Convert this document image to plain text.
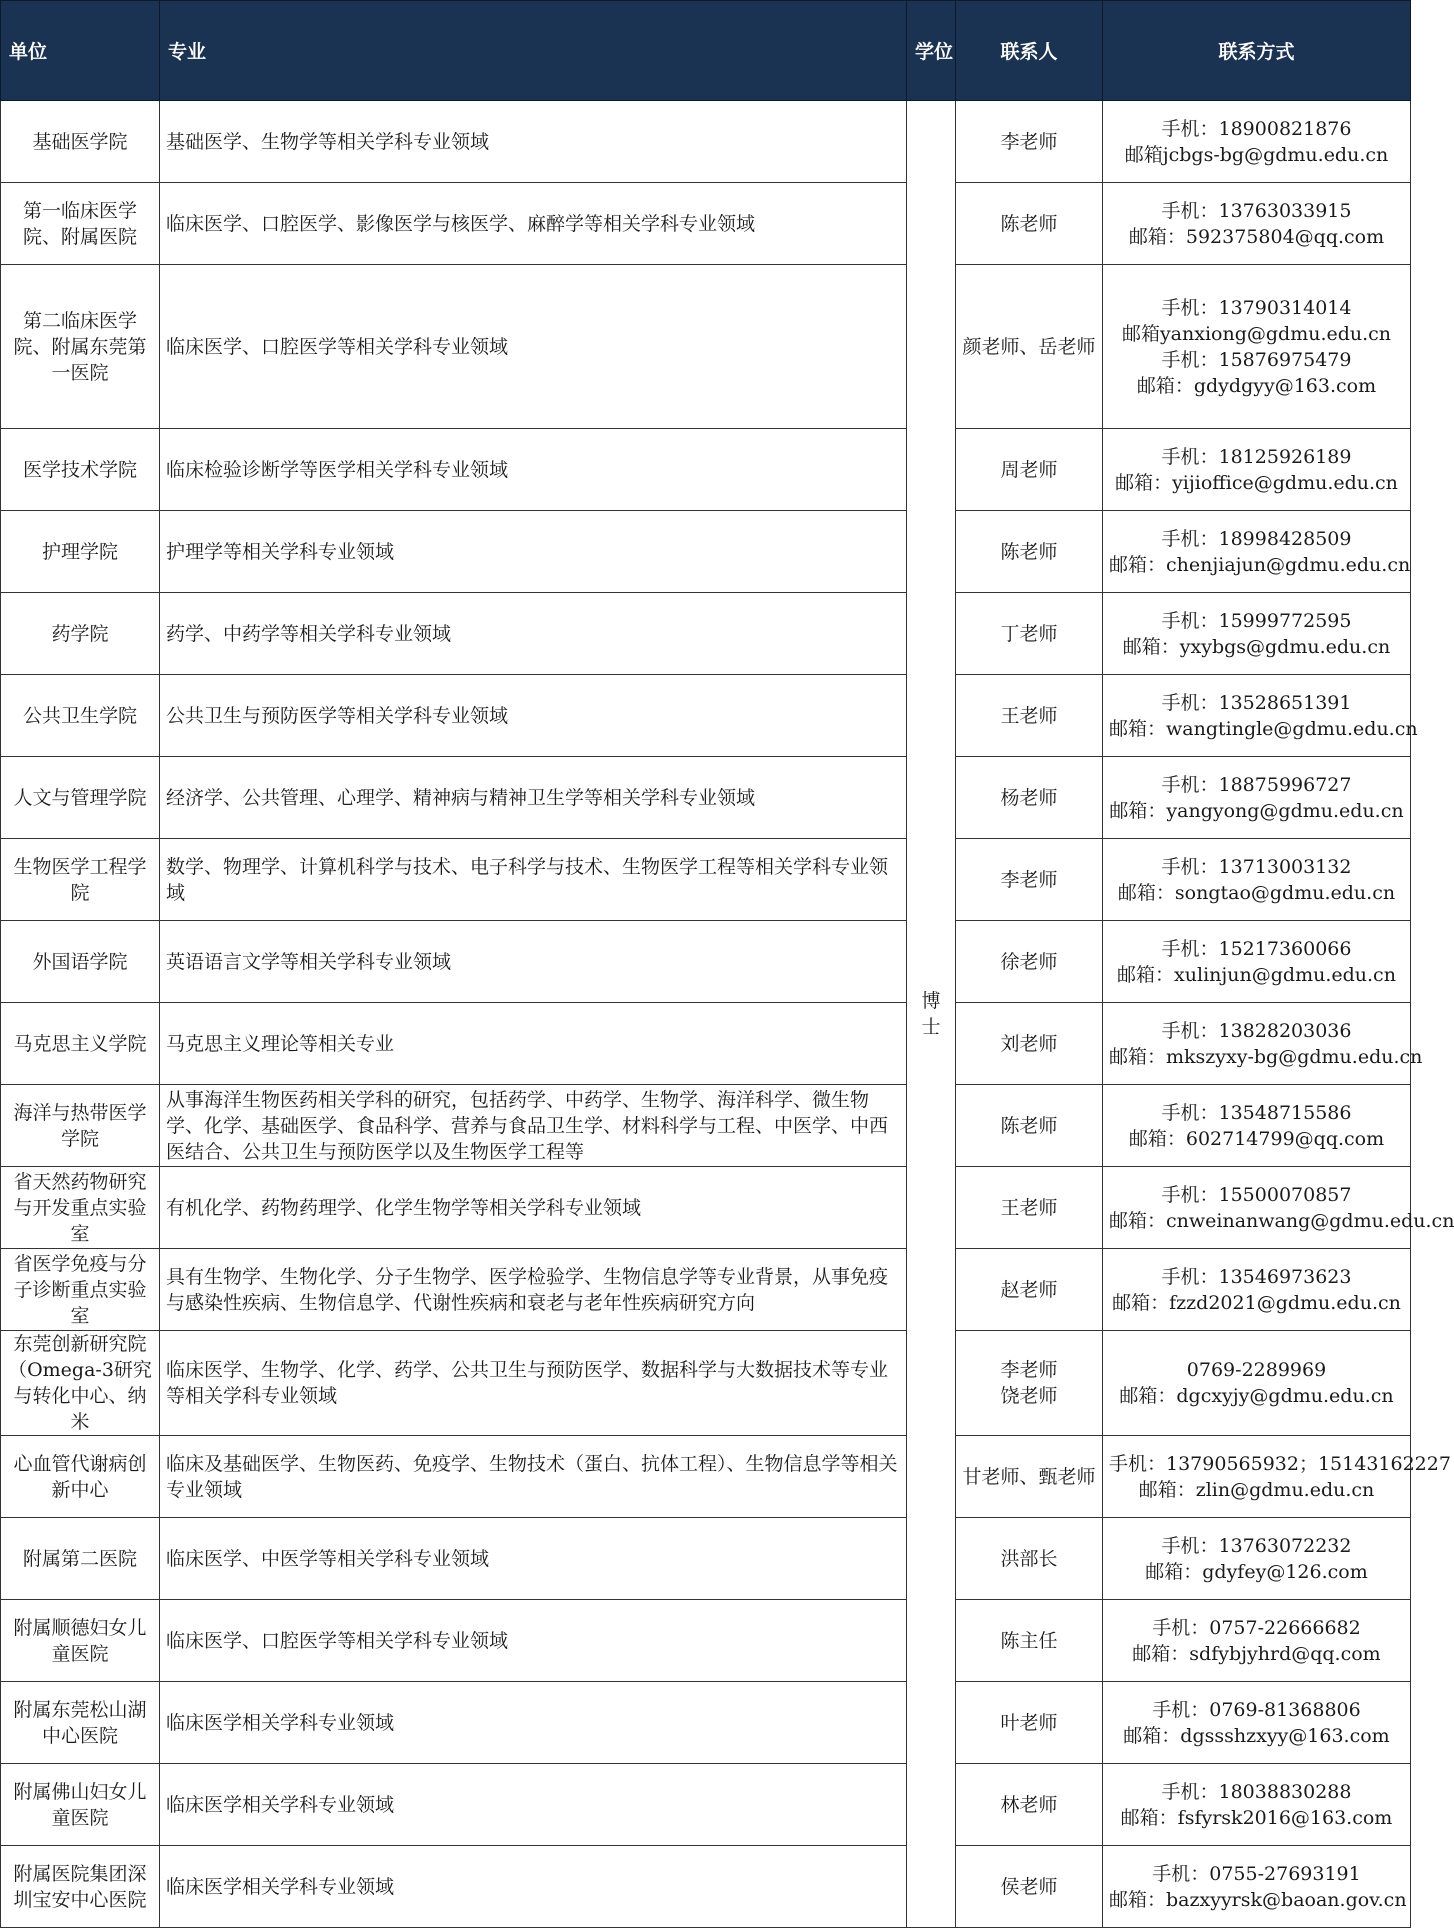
单位	专业	学位	联系人	联系方式
基础医学院	基础医学、生物学等相关学科专业领域	博士	李老师	手机：18900821876
邮箱jcbgs-bg@gdmu.edu.cn

第一临床医学院、附属医院	临床医学、口腔医学、影像医学与核医学、麻醉学等相关学科专业领域		陈老师	手机：13763033915
邮箱：592375804@qq.com

第二临床医学院、附属东莞第一医院	临床医学、口腔医学等相关学科专业领域		颜老师、岳老师	手机：13790314014
邮箱yanxiong@gdmu.edu.cn
手机：15876975479
邮箱：gdydgyy@163.com

医学技术学院	临床检验诊断学等医学相关学科专业领域		周老师	手机：18125926189
邮箱：yijioffice@gdmu.edu.cn

护理学院	护理学等相关学科专业领域		陈老师	手机：18998428509
邮箱：chenjiajun@gdmu.edu.cn

药学院	药学、中药学等相关学科专业领域		丁老师	手机：15999772595
邮箱：yxybgs@gdmu.edu.cn

公共卫生学院	公共卫生与预防医学等相关学科专业领域		王老师	手机：13528651391
邮箱：wangtingle@gdmu.edu.cn

人文与管理学院	经济学、公共管理、心理学、精神病与精神卫生学等相关学科专业领域		杨老师	手机：18875996727
邮箱：yangyong@gdmu.edu.cn

生物医学工程学院	数学、物理学、计算机科学与技术、电子科学与技术、生物医学工程等相关学科专业领域		李老师	手机：13713003132
邮箱：songtao@gdmu.edu.cn

外国语学院	英语语言文学等相关学科专业领域		徐老师	手机：15217360066
邮箱：xulinjun@gdmu.edu.cn

马克思主义学院	马克思主义理论等相关专业		刘老师	手机：13828203036
邮箱：mkszyxy-bg@gdmu.edu.cn

海洋与热带医学学院	从事海洋生物医药相关学科的研究，包括药学、中药学、生物学、海洋科学、微生物学、化学、基础医学、食品科学、营养与食品卫生学、材料科学与工程、中医学、中西医结合、公共卫生与预防医学以及生物医学工程等		陈老师	手机：13548715586
邮箱：602714799@qq.com

省天然药物研究与开发重点实验室	有机化学、药物药理学、化学生物学等相关学科专业领域		王老师	手机：15500070857
邮箱：cnweinanwang@gdmu.edu.cn

省医学免疫与分子诊断重点实验室	具有生物学、生物化学、分子生物学、医学检验学、生物信息学等专业背景，从事免疫与感染性疾病、生物信息学、代谢性疾病和衰老与老年性疾病研究方向		赵老师	手机：13546973623
邮箱：fzzd2021@gdmu.edu.cn

东莞创新研究院（Omega-3研究与转化中心、纳米	临床医学、生物学、化学、药学、公共卫生与预防医学、数据科学与大数据技术等专业等相关学科专业领域		李老师
饶老师	0769-2289969
邮箱：dgcxyjy@gdmu.edu.cn

心血管代谢病创新中心	临床及基础医学、生物医药、免疫学、生物技术（蛋白、抗体工程）、生物信息学等相关专业领域		甘老师、甄老师	手机：13790565932；15143162227
邮箱：zlin@gdmu.edu.cn

附属第二医院	临床医学、中医学等相关学科专业领域		洪部长	手机：13763072232
邮箱：gdyfey@126.com

附属顺德妇女儿童医院	临床医学、口腔医学等相关学科专业领域		陈主任	手机：0757-22666682
邮箱：sdfybjyhrd@qq.com

附属东莞松山湖中心医院	临床医学相关学科专业领域		叶老师	手机：0769-81368806
邮箱：dgssshzxyy@163.com

附属佛山妇女儿童医院	临床医学相关学科专业领域		林老师	手机：18038830288
邮箱：fsfyrsk2016@163.com

附属医院集团深圳宝安中心医院	临床医学相关学科专业领域		侯老师	手机：0755-27693191
邮箱：bazxyyrsk@baoan.gov.cn
